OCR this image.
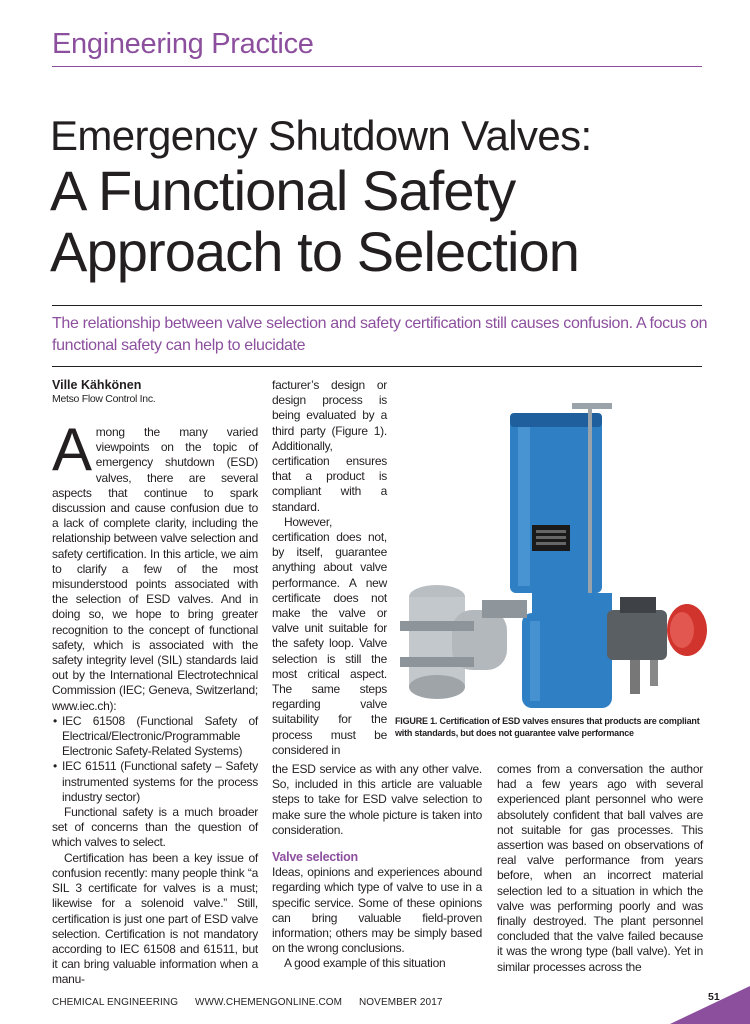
Engineering Practice
Emergency Shutdown Valves:
A Functional Safety
Approach to Selection
The relationship between valve selection and safety certification still causes confusion. A focus on functional safety can help to elucidate
Ville Kähkönen
Metso Flow Control Inc.

Among the many varied viewpoints on the topic of emergency shutdown (ESD) valves, there are several aspects that continue to spark discussion and cause confusion due to a lack of complete clarity, including the relationship between valve selection and safety certification. In this article, we aim to clarify a few of the most misunderstood points associated with the selection of ESD valves. And in doing so, we hope to bring greater recognition to the concept of functional safety, which is associated with the safety integrity level (SIL) standards laid out by the International Electrotechnical Commission (IEC; Geneva, Switzerland; www.iec.ch):

• IEC 61508 (Functional Safety of Electrical/Electronic/Programmable Electronic Safety-Related Systems)
• IEC 61511 (Functional safety – Safety instrumented systems for the process industry sector)

Functional safety is a much broader set of concerns than the question of which valves to select.

Certification has been a key issue of confusion recently: many people think “a SIL 3 certificate for valves is a must; likewise for a solenoid valve.” Still, certification is just one part of ESD valve selection. Certification is not mandatory according to IEC 61508 and 61511, but it can bring valuable information when a manu-

facturer’s design or design process is being evaluated by a third party (Figure 1). Additionally, certification ensures that a product is compliant with a standard.

However, certification does not, by itself, guarantee anything about valve performance. A new certificate does not make the valve or valve unit suitable for the safety loop. Valve selection is still the most critical aspect. The same steps regarding valve suitability for the process must be considered in

FIGURE 1. Certification of ESD valves ensures that products are compliant with standards, but does not guarantee valve performance

the ESD service as with any other valve. So, included in this article are valuable steps to take for ESD valve selection to make sure the whole picture is taken into consideration.

Valve selection

Ideas, opinions and experiences abound regarding which type of valve to use in a specific service. Some of these opinions can bring valuable field-proven information; others may be simply based on the wrong conclusions.

A good example of this situation

comes from a conversation the author had a few years ago with several experienced plant personnel who were absolutely confident that ball valves are not suitable for gas processes. This assertion was based on observations of real valve performance from years before, when an incorrect material selection led to a situation in which the valve was performing poorly and was finally destroyed. The plant personnel concluded that the valve failed because it was the wrong type (ball valve). Yet in similar processes across the

CHEMICAL ENGINEERING WWW.CHEMENGONLINE.COM NOVEMBER 2017	51
